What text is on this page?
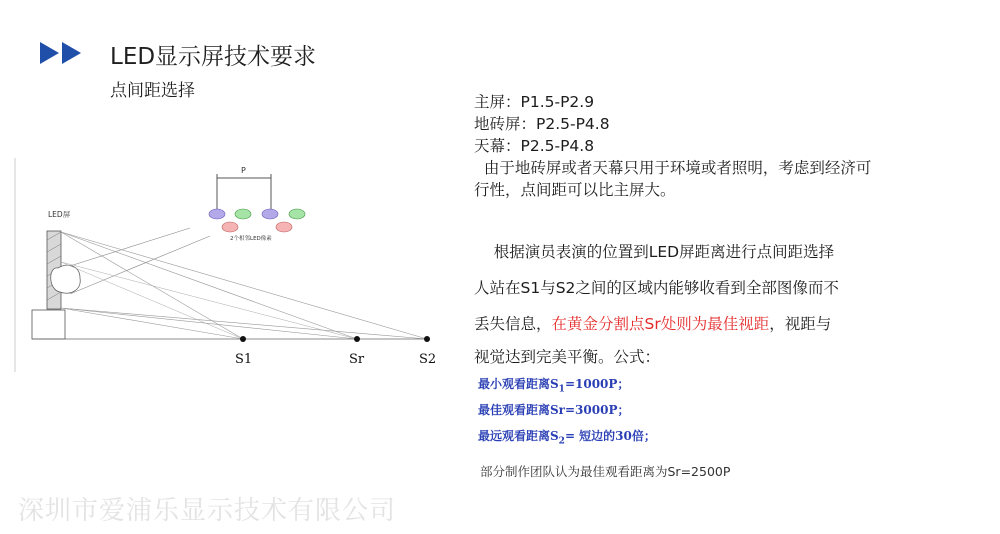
LED显示屏技术要求
点间距选择
P
2个相邻LED像素
LED屏
S1	Sr	S2
主屏：P1.5-P2.9
地砖屏：P2.5-P4.8
天幕：P2.5-P4.8
由于地砖屏或者天幕只用于环境或者照明，考虑到经济可
行性，点间距可以比主屏大。
根据演员表演的位置到LED屏距离进行点间距选择
人站在S1与S2之间的区域内能够收看到全部图像而不
丢失信息，在黄金分割点Sr处则为最佳视距，视距与
视觉达到完美平衡。公式：
最小观看距离$S_1=1000P$；
最佳观看距离Sr=3000P；
最远观看距离$S_2=$ 短边的30倍；
部分制作团队认为最佳观看距离为Sr=2500P
深圳市爱浦乐显示技术有限公司
